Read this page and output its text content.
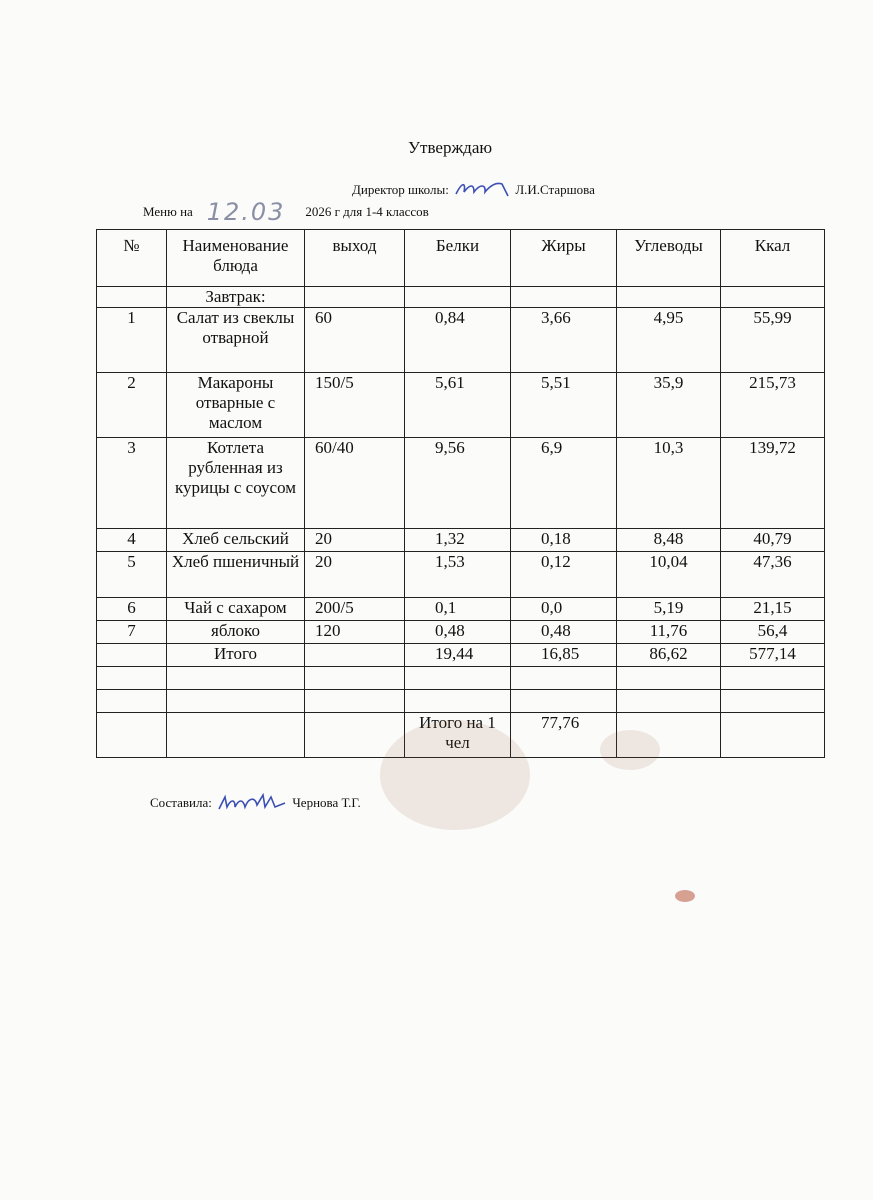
Утверждаю
Директор школы:	Л.И.Старшова
Меню на 12.03 2026 г для 1-4 классов
№	Наименование блюда	выход	Белки	Жиры	Углеводы	Ккал
	Завтрак:					
1	Салат из свеклы отварной	60	0,84	3,66	4,95	55,99
2	Макароны отварные с маслом	150/5	5,61	5,51	35,9	215,73
3	Котлета рубленная из курицы с соусом	60/40	9,56	6,9	10,3	139,72
4	Хлеб сельский	20	1,32	0,18	8,48	40,79
5	Хлеб пшеничный	20	1,53	0,12	10,04	47,36
6	Чай с сахаром	200/5	0,1	0,0	5,19	21,15
7	яблоко	120	0,48	0,48	11,76	56,4
	Итого		19,44	16,85	86,62	577,14

			Итого на 1 чел	77,76		
Составила:	Чернова Т.Г.
